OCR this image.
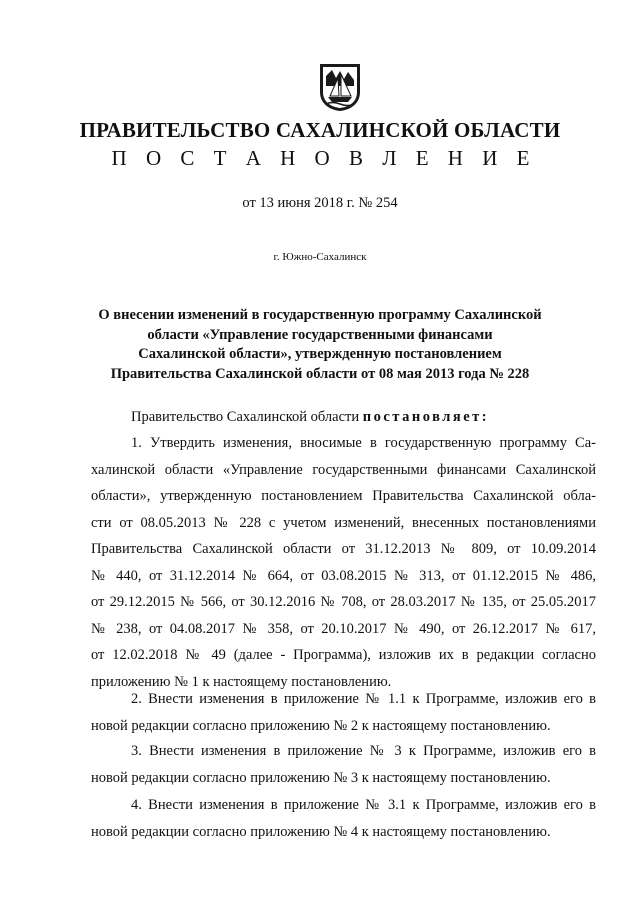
ПРАВИТЕЛЬСТВО САХАЛИНСКОЙ ОБЛАСТИ
П О С Т А Н О В Л Е Н И Е

от 13 июня 2018 г. № 254

г. Южно-Сахалинск

О внесении изменений в государственную программу Сахалинской
области «Управление государственными финансами
Сахалинской области», утвержденную постановлением
Правительства Сахалинской области от 08 мая 2013 года № 228

Правительство Сахалинской области постановляет:

1. Утвердить изменения, вносимые в государственную программу Са-
халинской области «Управление государственными финансами Сахалинской
области», утвержденную постановлением Правительства Сахалинской обла-
сти от 08.05.2013 № 228 с учетом изменений, внесенных постановлениями
Правительства Сахалинской области от 31.12.2013 № 809, от 10.09.2014
№ 440, от 31.12.2014 № 664, от 03.08.2015 № 313, от 01.12.2015 № 486,
от 29.12.2015 № 566, от 30.12.2016 № 708, от 28.03.2017 № 135, от 25.05.2017
№ 238, от 04.08.2017 № 358, от 20.10.2017 № 490, от 26.12.2017 № 617,
от 12.02.2018 № 49 (далее - Программа), изложив их в редакции согласно
приложению № 1 к настоящему постановлению.
2. Внести изменения в приложение № 1.1 к Программе, изложив его в
новой редакции согласно приложению № 2 к настоящему постановлению.
3. Внести изменения в приложение № 3 к Программе, изложив его в
новой редакции согласно приложению № 3 к настоящему постановлению.
4. Внести изменения в приложение № 3.1 к Программе, изложив его в
новой редакции согласно приложению № 4 к настоящему постановлению.
